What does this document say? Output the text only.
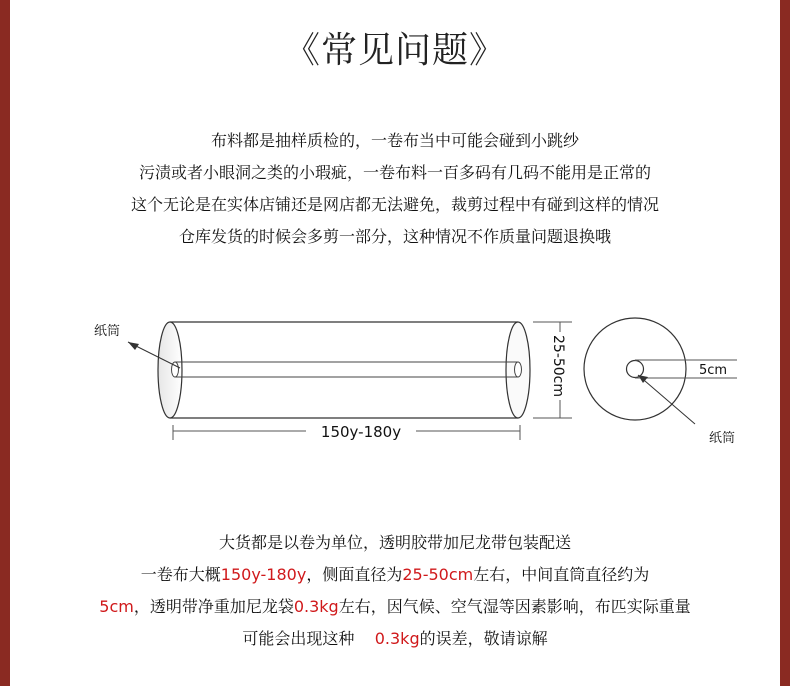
《常见问题》
布料都是抽样质检的，一卷布当中可能会碰到小跳纱
污渍或者小眼洞之类的小瑕疵，一卷布料一百多码有几码不能用是正常的
这个无论是在实体店铺还是网店都无法避免，裁剪过程中有碰到这样的情况
仓库发货的时候会多剪一部分，这种情况不作质量问题退换哦
纸筒
150y-180y
25-50cm	5cm
纸筒
大货都是以卷为单位，透明胶带加尼龙带包装配送
一卷布大概150y-180y，侧面直径为25-50cm左右，中间直筒直径约为
5cm，透明带净重加尼龙袋0.3kg左右，因气候、空气湿等因素影响，布匹实际重量
可能会出现这种 0.3kg的误差，敬请谅解
